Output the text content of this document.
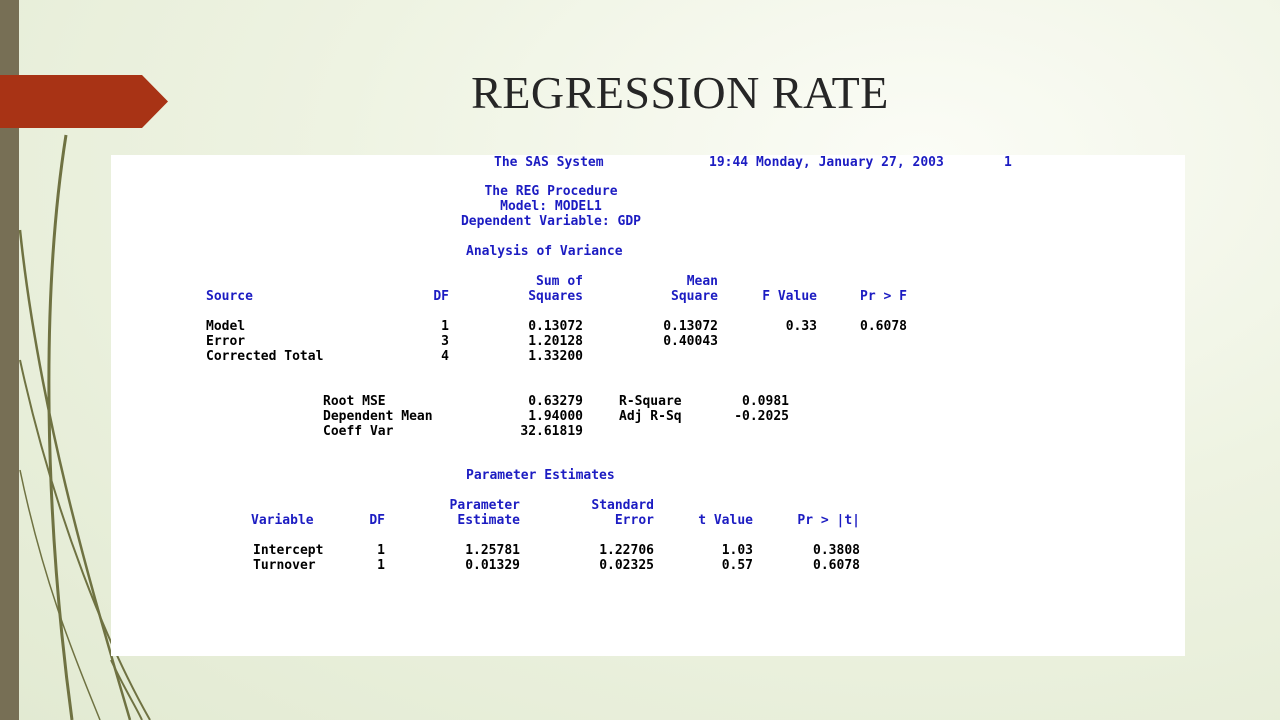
REGRESSION RATE
The SAS System	19:44 Monday, January 27, 2003	1
The REG Procedure
Model: MODEL1
Dependent Variable: GDP
Analysis of Variance
Sum of	Mean
Source	DF	Squares	Square	F Value	Pr > F
Model	1	0.13072	0.13072	0.33	0.6078
Error	3	1.20128	0.40043
Corrected Total	4	1.33200
Root MSE	0.63279	R-Square	0.0981
Dependent Mean	1.94000	Adj R-Sq	-0.2025
Coeff Var	32.61819
Parameter Estimates
Parameter	Standard
Variable	DF	Estimate	Error	t Value	Pr > |t|
Intercept	1	1.25781	1.22706	1.03	0.3808
Turnover	1	0.01329	0.02325	0.57	0.6078
